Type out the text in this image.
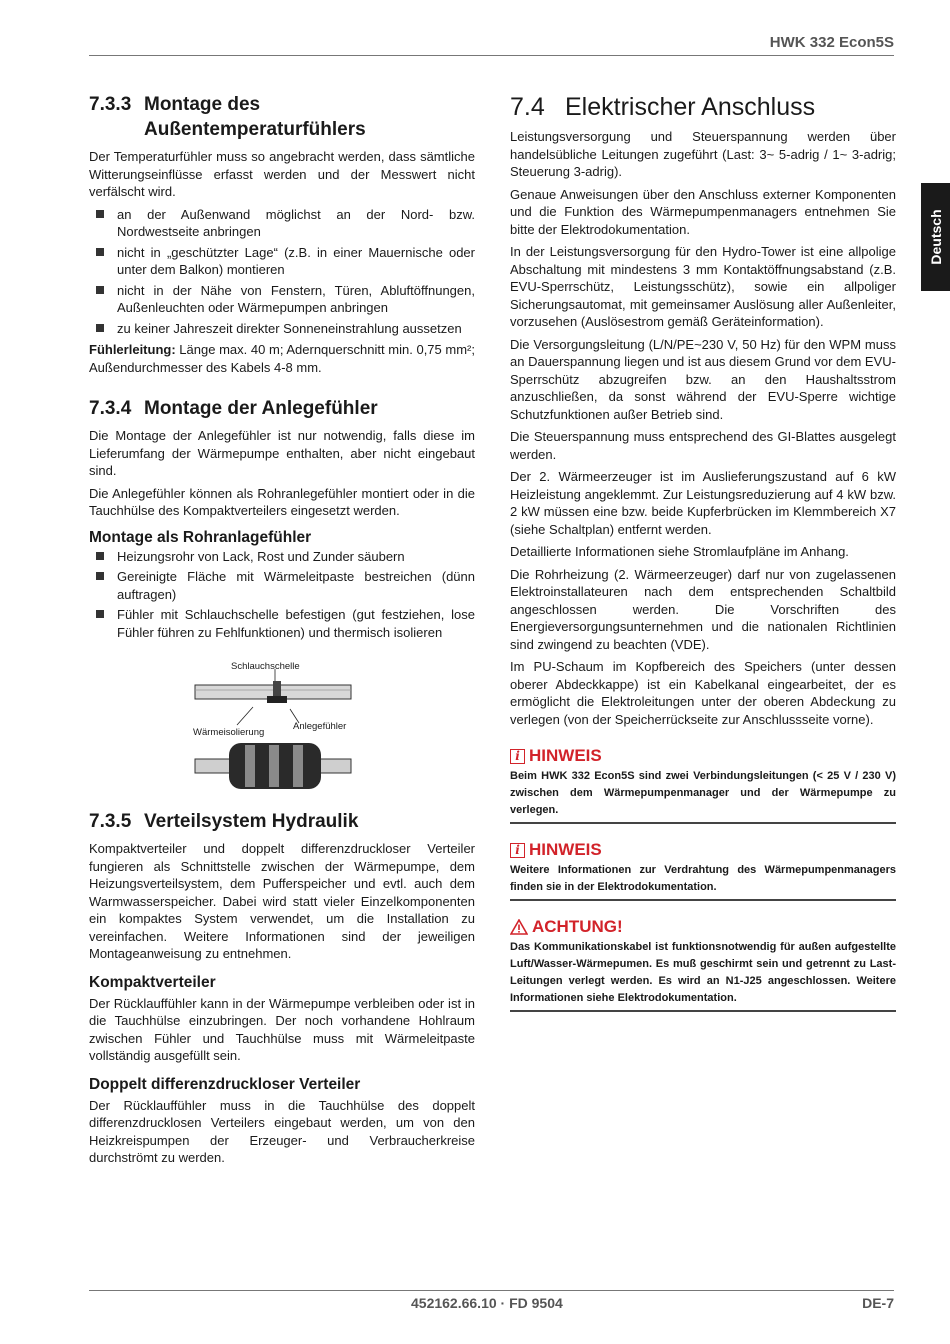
HWK 332 Econ5S
Deutsch
7.3.3 Montage des
Außentemperaturfühlers

Der Temperaturfühler muss so angebracht werden, dass sämtliche Witterungseinflüsse erfasst werden und der Messwert nicht verfälscht wird.

an der Außenwand möglichst an der Nord- bzw. Nordwestseite anbringen
nicht in „geschützter Lage“ (z.B. in einer Mauernische oder unter dem Balkon) montieren
nicht in der Nähe von Fenstern, Türen, Abluftöffnungen, Außenleuchten oder Wärmepumpen anbringen
zu keiner Jahreszeit direkter Sonneneinstrahlung aussetzen

Fühlerleitung: Länge max. 40 m; Adernquerschnitt min. 0,75 mm²; Außendurchmesser des Kabels 4-8 mm.

7.3.4 Montage der Anlegefühler

Die Montage der Anlegefühler ist nur notwendig, falls diese im Lieferumfang der Wärmepumpe enthalten, aber nicht eingebaut sind.

Die Anlegefühler können als Rohranlegefühler montiert oder in die Tauchhülse des Kompaktverteilers eingesetzt werden.

Montage als Rohranlagefühler
Heizungsrohr von Lack, Rost und Zunder säubern
Gereinigte Fläche mit Wärmeleitpaste bestreichen (dünn auftragen)
Fühler mit Schlauchschelle befestigen (gut festziehen, lose Fühler führen zu Fehlfunktionen) und thermisch isolieren
Schlauchschelle
Wärmeisolierung
Anlegefühler
7.3.5 Verteilsystem Hydraulik

Kompaktverteiler und doppelt differenzdruckloser Verteiler fungieren als Schnittstelle zwischen der Wärmepumpe, dem Heizungsverteilsystem, dem Pufferspeicher und evtl. auch dem Warmwasserspeicher. Dabei wird statt vieler Einzelkomponenten ein kompaktes System verwendet, um die Installation zu vereinfachen. Weitere Informationen sind der jeweiligen Montageanweisung zu entnehmen.

Kompaktverteiler

Der Rücklauffühler kann in der Wärmepumpe verbleiben oder ist in die Tauchhülse einzubringen. Der noch vorhandene Hohlraum zwischen Fühler und Tauchhülse muss mit Wärmeleitpaste vollständig ausgefüllt sein.

Doppelt differenzdruckloser Verteiler

Der Rücklauffühler muss in die Tauchhülse des doppelt differenzdrucklosen Verteilers eingebaut werden, um von den Heizkreispumpen der Erzeuger- und Verbraucherkreise durchströmt zu werden.

7.4 Elektrischer Anschluss

Leistungsversorgung und Steuerspannung werden über handelsübliche Leitungen zugeführt (Last: 3~ 5-adrig / 1~ 3-adrig; Steuerung 3-adrig).

Genaue Anweisungen über den Anschluss externer Komponenten und die Funktion des Wärmepumpenmanagers entnehmen Sie bitte der Elektrodokumentation.

In der Leistungsversorgung für den Hydro-Tower ist eine allpolige Abschaltung mit mindestens 3 mm Kontaktöffnungsabstand (z.B. EVU-Sperrschütz, Leistungsschütz), sowie ein allpoliger Sicherungsautomat, mit gemeinsamer Auslösung aller Außenleiter, vorzusehen (Auslösestrom gemäß Geräteinformation).

Die Versorgungsleitung (L/N/PE~230 V, 50 Hz) für den WPM muss an Dauerspannung liegen und ist aus diesem Grund vor dem EVU-Sperrschütz abzugreifen bzw. an den Haushaltsstrom anzuschließen, da sonst während der EVU-Sperre wichtige Schutzfunktionen außer Betrieb sind.

Die Steuerspannung muss entsprechend des GI-Blattes ausgelegt werden.

Der 2. Wärmeerzeuger ist im Auslieferungszustand auf 6 kW Heizleistung angeklemmt. Zur Leistungsreduzierung auf 4 kW bzw. 2 kW müssen eine bzw. beide Kupferbrücken im Klemmbereich X7 (siehe Schaltplan) entfernt werden.

Detaillierte Informationen siehe Stromlaufpläne im Anhang.

Die Rohrheizung (2. Wärmeerzeuger) darf nur von zugelassenen Elektroinstallateuren nach dem entsprechenden Schaltbild angeschlossen werden. Die Vorschriften des Energieversorgungsunternehmen und die nationalen Richtlinien sind zwingend zu beachten (VDE).

Im PU-Schaum im Kopfbereich des Speichers (unter dessen oberer Abdeckkappe) ist ein Kabelkanal eingearbeitet, der es ermöglicht die Elektroleitungen unter der oberen Abdeckung zu verlegen (von der Speicherrückseite zur Anschlussseite vorne).

i HINWEIS

Beim HWK 332 Econ5S sind zwei Verbindungsleitungen (< 25 V / 230 V) zwischen dem Wärmepumpenmanager und der Wärmepumpe zu verlegen.

i HINWEIS

Weitere Informationen zur Verdrahtung des Wärmepumpenmanagers finden sie in der Elektrodokumentation.

ACHTUNG!

Das Kommunikationskabel ist funktionsnotwendig für außen aufgestellte Luft/Wasser-Wärmepumen. Es muß geschirmt sein und getrennt zu Last-Leitungen verlegt werden. Es wird an N1-J25 angeschlossen. Weitere Informationen siehe Elektrodokumentation.

452162.66.10 · FD 9504	DE-7
